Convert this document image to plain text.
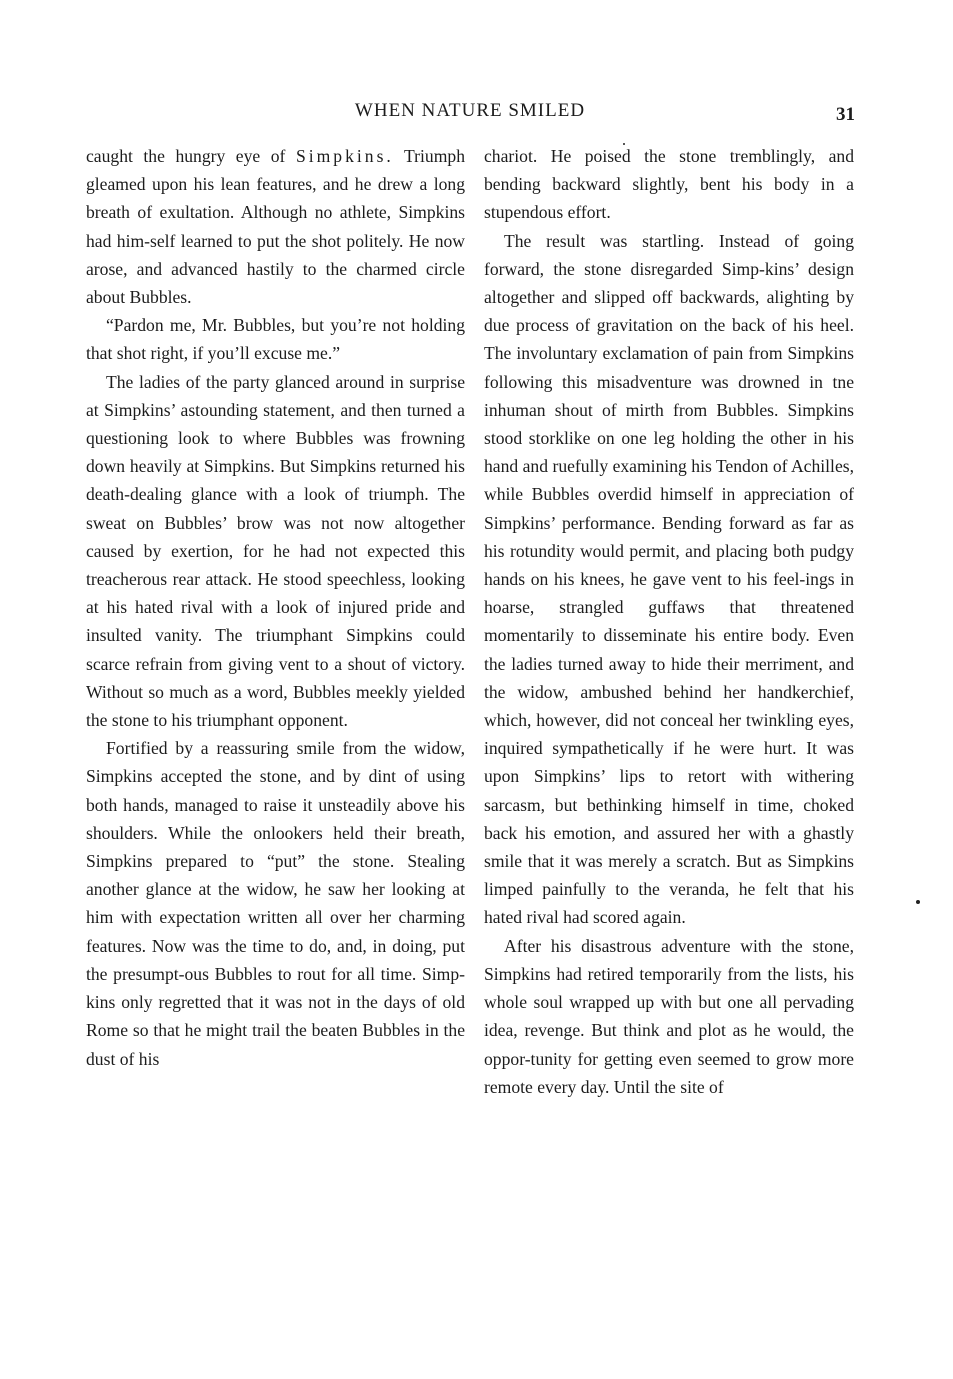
WHEN NATURE SMILED	31

caught the hungry eye of Simpkins. Triumph gleamed upon his lean features, and he drew a long breath of exultation. Although no athlete, Simpkins had him-self learned to put the shot politely. He now arose, and advanced hastily to the charmed circle about Bubbles.

“Pardon me, Mr. Bubbles, but you’re not holding that shot right, if you’ll excuse me.”

The ladies of the party glanced around in surprise at Simpkins’ astounding statement, and then turned a questioning look to where Bubbles was frowning down heavily at Simpkins. But Simpkins returned his death-dealing glance with a look of triumph. The sweat on Bubbles’ brow was not now altogether caused by exertion, for he had not expected this treacherous rear attack. He stood speechless, looking at his hated rival with a look of injured pride and insulted vanity. The triumphant Simpkins could scarce refrain from giving vent to a shout of victory. Without so much as a word, Bubbles meekly yielded the stone to his triumphant opponent.

Fortified by a reassuring smile from the widow, Simpkins accepted the stone, and by dint of using both hands, managed to raise it unsteadily above his shoulders. While the onlookers held their breath, Simpkins prepared to “put” the stone. Stealing another glance at the widow, he saw her looking at him with expectation written all over her charming features. Now was the time to do, and, in doing, put the presumpt-ous Bubbles to rout for all time. Simp-kins only regretted that it was not in the days of old Rome so that he might trail the beaten Bubbles in the dust of his

chariot. He poised the stone tremblingly, and bending backward slightly, bent his body in a stupendous effort.

The result was startling. Instead of going forward, the stone disregarded Simp-kins’ design altogether and slipped off backwards, alighting by due process of gravitation on the back of his heel. The involuntary exclamation of pain from Simpkins following this misadventure was drowned in tne inhuman shout of mirth from Bubbles. Simpkins stood storklike on one leg holding the other in his hand and ruefully examining his Tendon of Achilles, while Bubbles overdid himself in appreciation of Simpkins’ performance. Bending forward as far as his rotundity would permit, and placing both pudgy hands on his knees, he gave vent to his feel-ings in hoarse, strangled guffaws that threatened momentarily to disseminate his entire body. Even the ladies turned away to hide their merriment, and the widow, ambushed behind her handkerchief, which, however, did not conceal her twinkling eyes, inquired sympathetically if he were hurt. It was upon Simpkins’ lips to retort with withering sarcasm, but bethinking himself in time, choked back his emotion, and assured her with a ghastly smile that it was merely a scratch. But as Simpkins limped painfully to the veranda, he felt that his hated rival had scored again.

After his disastrous adventure with the stone, Simpkins had retired temporarily from the lists, his whole soul wrapped up with but one all pervading idea, revenge. But think and plot as he would, the oppor-tunity for getting even seemed to grow more remote every day. Until the site of
